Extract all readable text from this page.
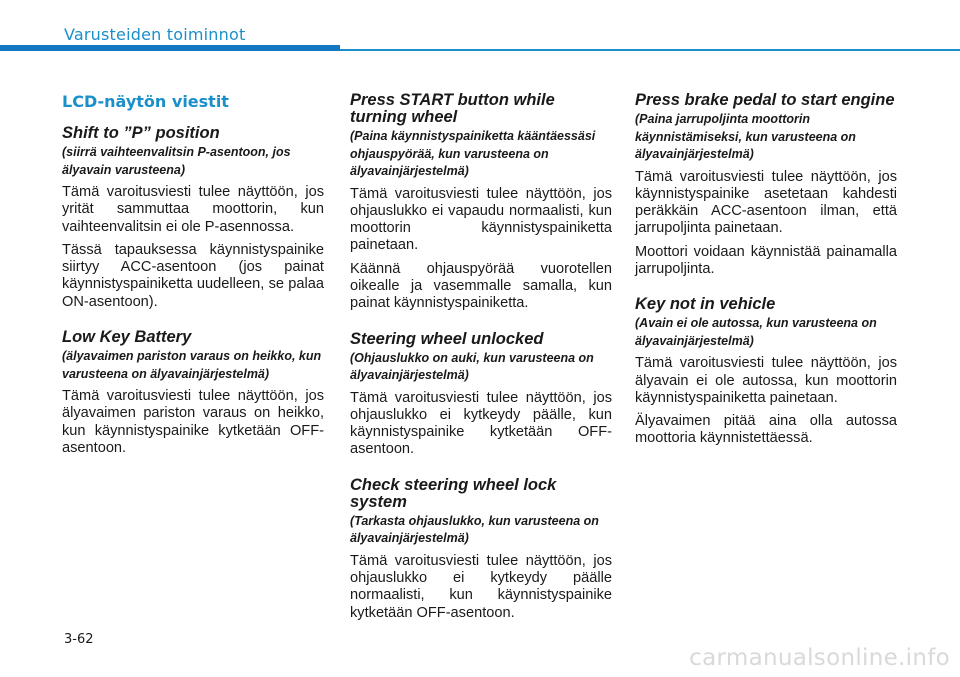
Varusteiden toiminnot
LCD-näytön viestit
Shift to ”P” position
(siirrä vaihteenvalitsin P-asentoon, jos älyavain varusteena)

Tämä varoitusviesti tulee näyttöön, jos yrität sammuttaa moottorin, kun vaihteenvalitsin ei ole P-asennossa.

Tässä tapauksessa käynnistyspainike siirtyy ACC-asentoon (jos painat käynnistyspainiketta uudelleen, se palaa ON-asentoon).

Low Key Battery
(älyavaimen pariston varaus on heikko, kun varusteena on älyavainjärjestelmä)

Tämä varoitusviesti tulee näyttöön, jos älyavaimen pariston varaus on heikko, kun käynnistyspainike kytketään OFF-asentoon.

Press START button while turning wheel
(Paina käynnistyspainiketta kääntäessäsi ohjauspyörää, kun varusteena on älyavainjärjestelmä)

Tämä varoitusviesti tulee näyttöön, jos ohjauslukko ei vapaudu normaalisti, kun moottorin käynnistyspainiketta painetaan.

Käännä ohjauspyörää vuorotellen oikealle ja vasemmalle samalla, kun painat käynnistyspainiketta.

Steering wheel unlocked
(Ohjauslukko on auki, kun varusteena on älyavainjärjestelmä)

Tämä varoitusviesti tulee näyttöön, jos ohjauslukko ei kytkeydy päälle, kun käynnistyspainike kytketään OFF-asentoon.

Check steering wheel lock system
(Tarkasta ohjauslukko, kun varusteena on älyavainjärjestelmä)

Tämä varoitusviesti tulee näyttöön, jos ohjauslukko ei kytkeydy päälle normaalisti, kun käynnistyspainike kytketään OFF-asentoon.

Press brake pedal to start engine
(Paina jarrupoljinta moottorin käynnistämiseksi, kun varusteena on älyavainjärjestelmä)

Tämä varoitusviesti tulee näyttöön, jos käynnistyspainike asetetaan kahdesti peräkkäin ACC-asentoon ilman, että jarrupoljinta painetaan.

Moottori voidaan käynnistää painamalla jarrupoljinta.

Key not in vehicle
(Avain ei ole autossa, kun varusteena on älyavainjärjestelmä)

Tämä varoitusviesti tulee näyttöön, jos älyavain ei ole autossa, kun moottorin käynnistyspainiketta painetaan.

Älyavaimen pitää aina olla autossa moottoria käynnistettäessä.

3-62
carmanualsonline.info
